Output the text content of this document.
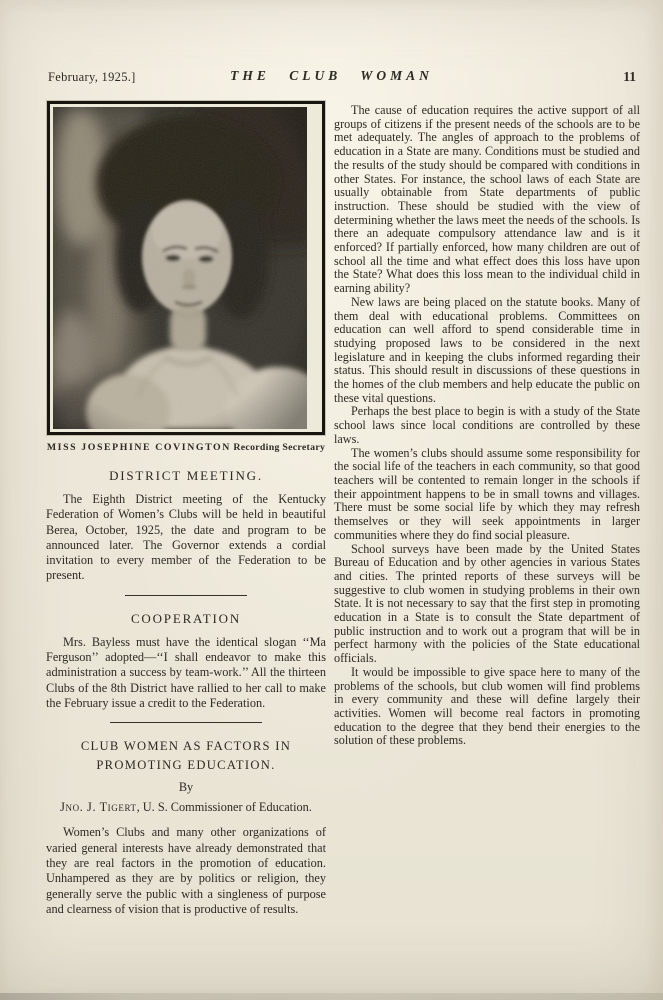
February, 1925.]	THE CLUB WOMAN	11
MISS JOSEPHINE COVINGTON Recording Secretary
DISTRICT MEETING.

The Eighth District meeting of the Kentucky Federation of Women’s Clubs will be held in beautiful Berea, October, 1925, the date and program to be announced later. The Governor extends a cordial invitation to every member of the Federation to be present.

COOPERATION

Mrs. Bayless must have the identical slogan ‘‘Ma Ferguson’’ adopted—‘‘I shall endeavor to make this administration a success by team-work.’’ All the thirteen Clubs of the 8th District have rallied to her call to make the February issue a credit to the Federation.

CLUB WOMEN AS FACTORS IN PROMOTING EDUCATION.
By
Jno. J. Tigert, U. S. Commissioner of Education.

Women’s Clubs and many other organizations of varied general interests have already demonstrated that they are real factors in the promotion of education. Unhampered as they are by politics or religion, they generally serve the public with a singleness of purpose and clearness of vision that is productive of results.

The cause of education requires the active support of all groups of citizens if the present needs of the schools are to be met adequately. The angles of approach to the problems of education in a State are many. Conditions must be studied and the results of the study should be compared with conditions in other States. For instance, the school laws of each State are usually obtainable from State departments of public instruction. These should be studied with the view of determining whether the laws meet the needs of the schools. Is there an adequate compulsory attendance law and is it enforced? If partially enforced, how many children are out of school all the time and what effect does this loss have upon the State? What does this loss mean to the individual child in earning ability?

New laws are being placed on the statute books. Many of them deal with educational problems. Committees on education can well afford to spend considerable time in studying proposed laws to be considered in the next legislature and in keeping the clubs informed regarding their status. This should result in discussions of these questions in the homes of the club members and help educate the public on these vital questions.

Perhaps the best place to begin is with a study of the State school laws since local conditions are controlled by these laws.

The women’s clubs should assume some responsibility for the social life of the teachers in each community, so that good teachers will be contented to remain longer in the schools if their appointment happens to be in small towns and villages. There must be some social life by which they may refresh themselves or they will seek appointments in larger communities where they do find social pleasure.

School surveys have been made by the United States Bureau of Education and by other agencies in various States and cities. The printed reports of these surveys will be suggestive to club women in studying problems in their own State. It is not necessary to say that the first step in promoting education in a State is to consult the State department of public instruction and to work out a program that will be in perfect harmony with the policies of the State educational officials.

It would be impossible to give space here to many of the problems of the schools, but club women will find problems in every community and these will define largely their activities. Women will become real factors in promoting education to the degree that they bend their energies to the solution of these problems.
